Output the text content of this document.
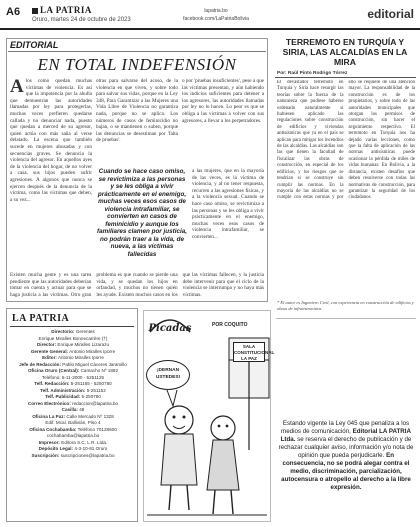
A6	LA PATRIA
Oruro, martes 24 de octubre de 2023
lapatria.bo
facebook.com/LaPatriaBolivia	editorial
EDITORIAL
EN TOTAL INDEFENSIÓN
Alos como quedan muchas víctimas de violencia. Es así que la impotencia por la ahulla que demuestran las autoridades llamadas por ley para protegerlas, muchas veces prefieren quedarse callada y no denunciar nada, puesto que quedan a merced de su agresor, quien actúa con más saña al verse delatado. La escena que también sucede en mujeres abusadas y con secuencias graves. Se denuncia la violencia del agresor. En aquellos ayes de la violencia del hogar, de no volver a casa, sus hijos pueden sufrir agresiones. A algunos que nunca se ejercen después de la denuncia de la víctima, como las víctimas que deben, a su vez...
otras para salvarse del acoso, de la violencia en que viven, y sobre todo para salvar sus vidas, porque en la Ley 348, Para Garantizar a las Mujeres una Vida Libre de Violencia no garantiza nada, porque no se aplica. Los números de casos de feminicidio no bajan, o se mantienen o suben, porque las denuncias se desestiman por 'falta de pruebas'.
o por 'pruebas insuficientes', pese a que las víctimas presentan, y aún habiendo los indicios suficientes para detener a los agresores, las autoridades llamadas por ley no lo hacen. Lo peor es que se obliga a las víctimas a volver con sus agresores, a llevar a los perpetradores.
Cuando se hace caso omiso, se revictimiza a las personas y se les obliga a vivir prácticamente en el enemigo, muchas veces esos casos de violencia intrafamiliar, se convierten en casos de feminicidio y aunque los familiares clamen por justicia, no podrán traer a la vida, de nueva, a las víctimas fallecidas
a las mujeres, que en la mayoría de las veces, es la víctima de violencia, y al no tener respuesta, recurren a las agresiones físicas, y a la violencia sexual. Cuando se hace caso omiso, se revictimiza a las personas y se les obliga a vivir prácticamente en el enemigo, muchas veces esos casos de violencia intrafamiliar, se convierten...
Existen mucha gente y es una tarea pendiente que las autoridades deberían tomar en cuenta y actuar para que se haga justicia a las víctimas. Otro gran problema es que cuando se pierde una vida, y se quedan los hijos en orfandad, y muchos no tienen quién les ayude. Existen muchos casos en los que las víctimas fallecen, y la justicia debe intervenir para que el ciclo de la violencia se interrumpa y no haya más víctimas.
TERREMOTO EN TURQUÍA Y SIRIA, LAS ALCALDÍAS EN LA MIRA
Por: Raúl Pinto Rodrigo Tórrez
El devastador terremoto en Turquía y Siria hace resurgir las teorías sobre la fuerza de la naturaleza que pudiese haberse ordenado naturalmente si hubiesen aplicado las regulaciones sobre construcción de edificios y viviendas antisísmicas que ya en el país se aplican para mitigar los incendios de las alcaldías. Las alcaldías son las que tienen la facultad de fiscalizar las obras de construcción, en especial de los edificios, y los riesgos que se tendrían si se construye sin cumplir las normas. En la mayoría de las alcaldías no se cumple con estas normas y por ello se requiere de una atención mayor. La responsabilidad de la construcción es de los propietarios, y sobre todo de las autoridades municipales que otorgan los permisos de construcción, sin hacer el seguimiento respectivo. El terremoto en Turquía nos ha dejado varias lecciones, como que la falta de aplicación de las normas antisísmicas puede ocasionar la pérdida de miles de vidas humanas. En Bolivia, a la distancia, existen desafíos que deben resolverse con todas las normativas de construcción, para garantizar la seguridad de los ciudadanos.
* El autor es Ingeniero Civil, con experiencia en construcción de edificios y obras de infraestructura.
LA PATRIA
Directorio: Gerentes
Enrique Miralles Bonnecarrère (†)
Director: Enrique Miralles Lizarazu
Gerente General: Antonio Miralles Iporre
Editor: Antonio Miralles Iporre
Jefe de Redacción: Pablo Miguel Cáceres Jaramillo
Oficina Oruro (Central): Camacho Nº 1892
Teléfono: 5-11-2000 - 5251125
Telf. Redacción: 5-251165 - 5250780
Telf. Administración: 5-251152
Telf. Publicidad: 5-250780
Correo Electrónico: redaccion@lapatria.bo
Casilla: 48
Oficina La Paz: Calle Mercado Nº 1328
Edif. Mcal. Ballivián, Piso 4
Oficina Cochabamba: Teléfono 70128600
cochabamba@lapatria.bo
Impresor: Editora S.C. L.R. Ltda.
Depósito Legal: 4-3-10-91 Oruro
Suscripción: suscripciones@lapatria.bo
Picadas	POR COQUITO
SALA CONSTITUCIONAL LA PAZ
¡DERNAN USTEDES!
Estando vigente la Ley 045 que penaliza a los medios de comunicación, Editorial LA PATRIA Ltda. se reserva el derecho de publicación y de rechazar cualquier aviso, información y/o nota de opinión que pueda perjudicarle. En consecuencia, no se podrá alegar contra el medio, discriminación, parcialización, autocensura o atropello al derecho a la libre expresión.
